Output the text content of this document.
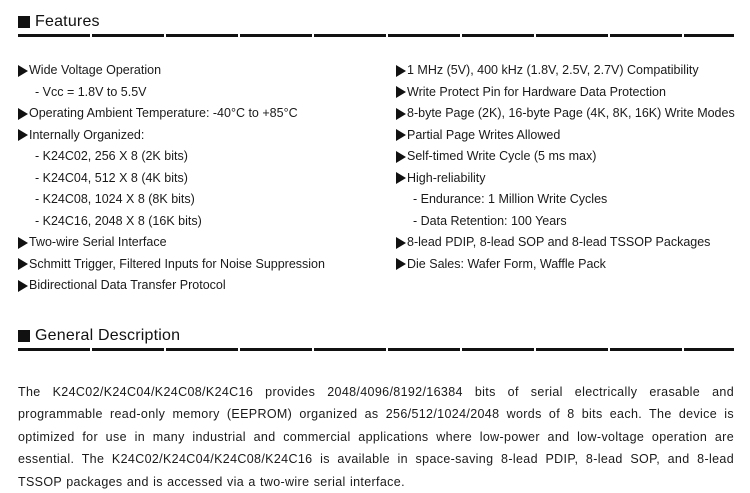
Features
Wide Voltage Operation
- Vcc = 1.8V to 5.5V
Operating Ambient Temperature: -40°C to +85°C
Internally Organized:
- K24C02, 256 X 8 (2K bits)
- K24C04, 512 X 8 (4K bits)
- K24C08, 1024 X 8 (8K bits)
- K24C16, 2048 X 8 (16K bits)
Two-wire Serial Interface
Schmitt Trigger, Filtered Inputs for Noise Suppression
Bidirectional Data Transfer Protocol
1 MHz (5V), 400 kHz (1.8V, 2.5V, 2.7V) Compatibility
Write Protect Pin for Hardware Data Protection
8-byte Page (2K), 16-byte Page (4K, 8K, 16K) Write Modes
Partial Page Writes Allowed
Self-timed Write Cycle (5 ms max)
High-reliability
- Endurance: 1 Million Write Cycles
- Data Retention: 100 Years
8-lead PDIP, 8-lead SOP and 8-lead TSSOP Packages
Die Sales: Wafer Form, Waffle Pack
General Description

The K24C02/K24C04/K24C08/K24C16 provides 2048/4096/8192/16384 bits of serial electrically erasable and programmable read-only memory (EEPROM) organized as 256/512/1024/2048 words of 8 bits each. The device is optimized for use in many industrial and commercial applications where low-power and low-voltage operation are essential. The K24C02/K24C04/K24C08/K24C16 is available in space-saving 8-lead PDIP, 8-lead SOP, and 8-lead TSSOP packages and is accessed via a two-wire serial interface.
